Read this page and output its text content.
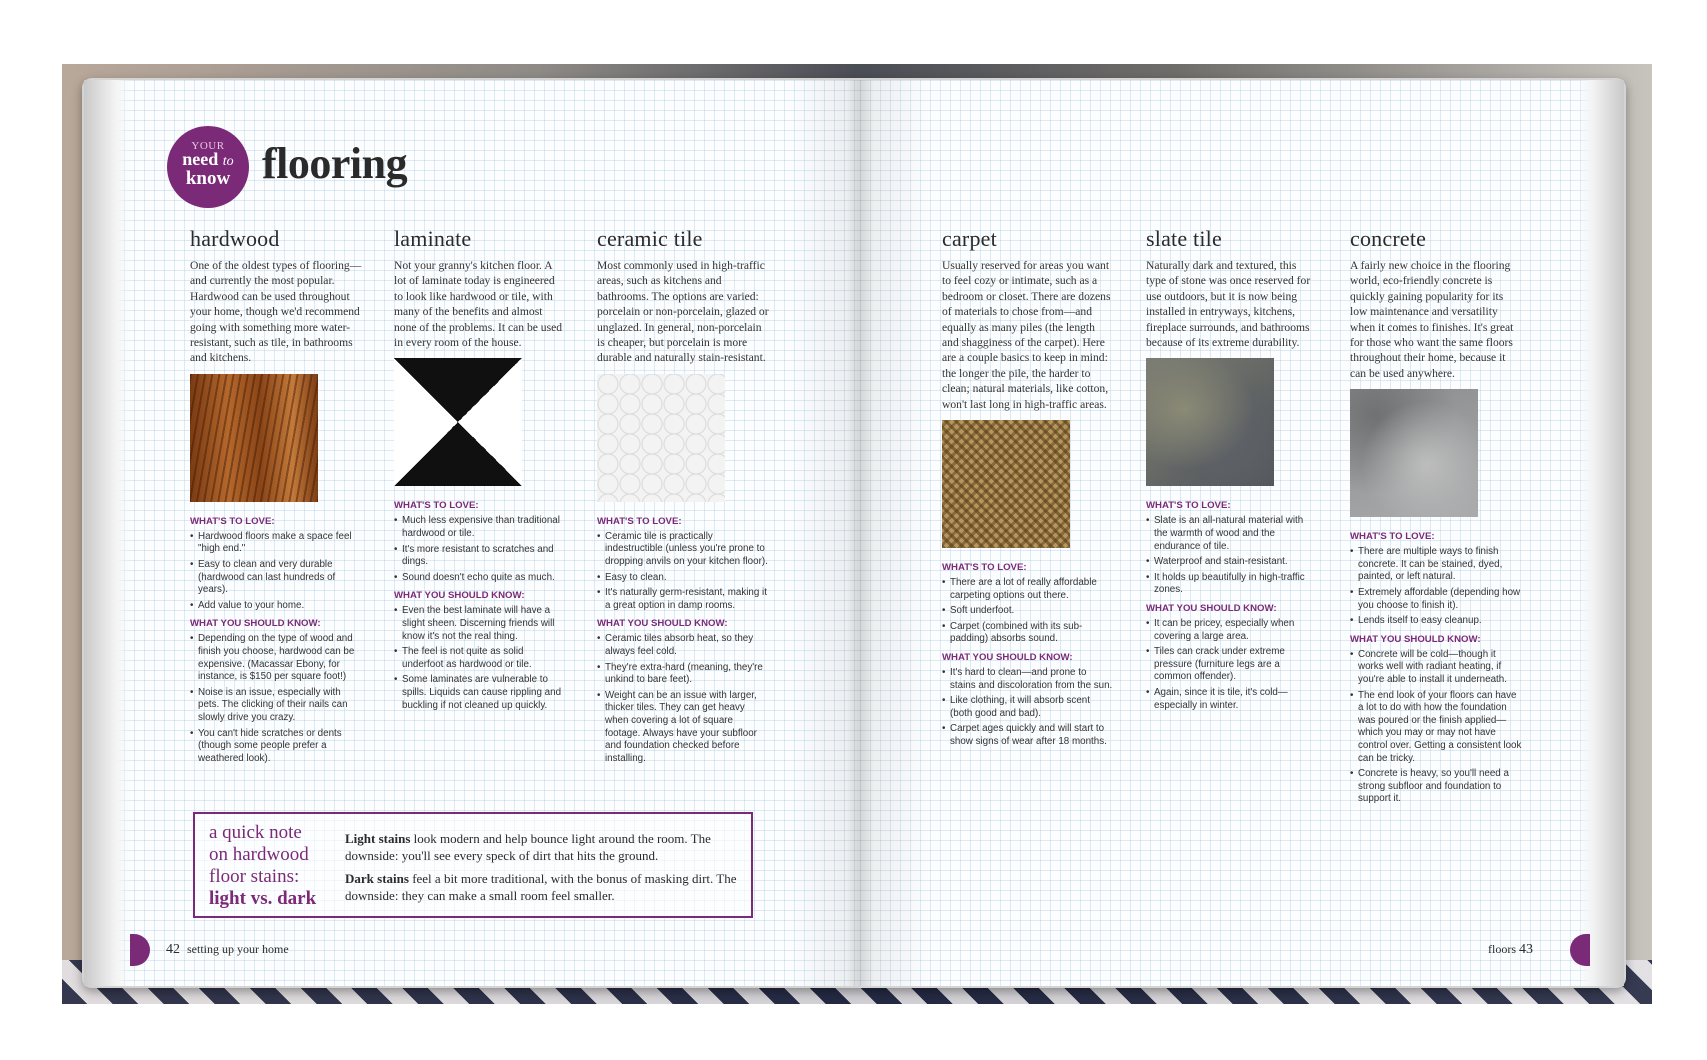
YOUR
need to
know flooring
hardwood

One of the oldest types of flooring—and currently the most popular. Hardwood can be used throughout your home, though we'd recommend going with something more water-resistant, such as tile, in bathrooms and kitchens.

WHAT'S TO LOVE:
• Hardwood floors make a space feel "high end."
• Easy to clean and very durable (hardwood can last hundreds of years).
• Add value to your home.
WHAT YOU SHOULD KNOW:
• Depending on the type of wood and finish you choose, hardwood can be expensive. (Macassar Ebony, for instance, is $150 per square foot!)
• Noise is an issue, especially with pets. The clicking of their nails can slowly drive you crazy.
• You can't hide scratches or dents (though some people prefer a weathered look).
laminate

Not your granny's kitchen floor. A lot of laminate today is engineered to look like hardwood or tile, with many of the benefits and almost none of the problems. It can be used in every room of the house.

WHAT'S TO LOVE:
• Much less expensive than traditional hardwood or tile.
• It's more resistant to scratches and dings.
• Sound doesn't echo quite as much.
WHAT YOU SHOULD KNOW:
• Even the best laminate will have a slight sheen. Discerning friends will know it's not the real thing.
• The feel is not quite as solid underfoot as hardwood or tile.
• Some laminates are vulnerable to spills. Liquids can cause rippling and buckling if not cleaned up quickly.
ceramic tile

Most commonly used in high-traffic areas, such as kitchens and bathrooms. The options are varied: porcelain or non-porcelain, glazed or unglazed. In general, non-porcelain is cheaper, but porcelain is more durable and naturally stain-resistant.

WHAT'S TO LOVE:
• Ceramic tile is practically indestructible (unless you're prone to dropping anvils on your kitchen floor).
• Easy to clean.
• It's naturally germ-resistant, making it a great option in damp rooms.
WHAT YOU SHOULD KNOW:
• Ceramic tiles absorb heat, so they always feel cold.
• They're extra-hard (meaning, they're unkind to bare feet).
• Weight can be an issue with larger, thicker tiles. They can get heavy when covering a lot of square footage. Always have your subfloor and foundation checked before installing.
carpet

Usually reserved for areas you want to feel cozy or intimate, such as a bedroom or closet. There are dozens of materials to chose from—and equally as many piles (the length and shagginess of the carpet). Here are a couple basics to keep in mind: the longer the pile, the harder to clean; natural materials, like cotton, won't last long in high-traffic areas.

WHAT'S TO LOVE:
• There are a lot of really affordable carpeting options out there.
• Soft underfoot.
• Carpet (combined with its sub-padding) absorbs sound.
WHAT YOU SHOULD KNOW:
• It's hard to clean—and prone to stains and discoloration from the sun.
• Like clothing, it will absorb scent (both good and bad).
• Carpet ages quickly and will start to show signs of wear after 18 months.
slate tile

Naturally dark and textured, this type of stone was once reserved for use outdoors, but it is now being installed in entryways, kitchens, fireplace surrounds, and bathrooms because of its extreme durability.

WHAT'S TO LOVE:
• Slate is an all-natural material with the warmth of wood and the endurance of tile.
• Waterproof and stain-resistant.
• It holds up beautifully in high-traffic zones.
WHAT YOU SHOULD KNOW:
• It can be pricey, especially when covering a large area.
• Tiles can crack under extreme pressure (furniture legs are a common offender).
• Again, since it is tile, it's cold—especially in winter.
concrete

A fairly new choice in the flooring world, eco-friendly concrete is quickly gaining popularity for its low maintenance and versatility when it comes to finishes. It's great for those who want the same floors throughout their home, because it can be used anywhere.

WHAT'S TO LOVE:
• There are multiple ways to finish concrete. It can be stained, dyed, painted, or left natural.
• Extremely affordable (depending how you choose to finish it).
• Lends itself to easy cleanup.
WHAT YOU SHOULD KNOW:
• Concrete will be cold—though it works well with radiant heating, if you're able to install it underneath.
• The end look of your floors can have a lot to do with how the foundation was poured or the finish applied—which you may or may not have control over. Getting a consistent look can be tricky.
• Concrete is heavy, so you'll need a strong subfloor and foundation to support it.
a quick note
on hardwood
floor stains:
light vs. dark

Light stains look modern and help bounce light around the room. The downside: you'll see every speck of dirt that hits the ground.

Dark stains feel a bit more traditional, with the bonus of masking dirt. The downside: they can make a small room feel smaller.

42 setting up your home	floors 43
